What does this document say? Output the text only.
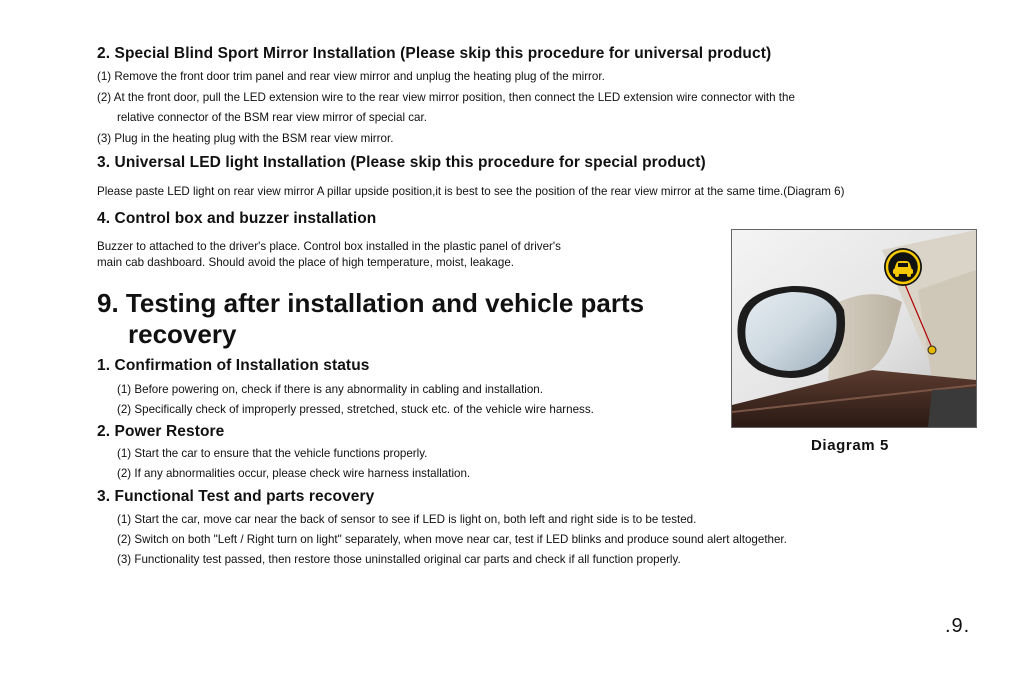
2. Special Blind Sport Mirror Installation (Please skip this procedure for universal product)
(1) Remove the front door trim panel and rear view mirror and unplug the heating plug of the mirror.
(2) At the front door, pull the LED extension wire to the rear view mirror position, then connect the LED extension wire connector with the
relative connector of the BSM rear view mirror of special car.
(3) Plug in the heating plug with the BSM rear view mirror.
3. Universal LED light Installation (Please skip this procedure for special product)
Please paste LED light on rear view mirror A pillar upside position,it is best to see the position of the rear view mirror at the same time.(Diagram 6)
4. Control box and buzzer installation
Buzzer to attached to the driver's place. Control box installed in the plastic panel of driver's
main cab dashboard. Should avoid the place of high temperature, moist, leakage.
9. Testing after installation and vehicle parts
recovery
1. Confirmation of Installation status
(1) Before powering on, check if there is any abnormality in cabling and installation.
(2) Specifically check of improperly pressed, stretched, stuck etc. of the vehicle wire harness.
2. Power Restore
(1) Start the car to ensure that the vehicle functions properly.
(2) If any abnormalities occur, please check wire harness installation.
3. Functional Test and parts recovery
(1) Start the car, move car near the back of sensor to see if LED is light on, both left and right side is to be tested.
(2) Switch on both "Left / Right turn on light" separately, when move near car, test if LED blinks and produce sound alert altogether.
(3) Functionality test passed, then restore those uninstalled original car parts and check if all function properly.
Diagram 5
.9.
